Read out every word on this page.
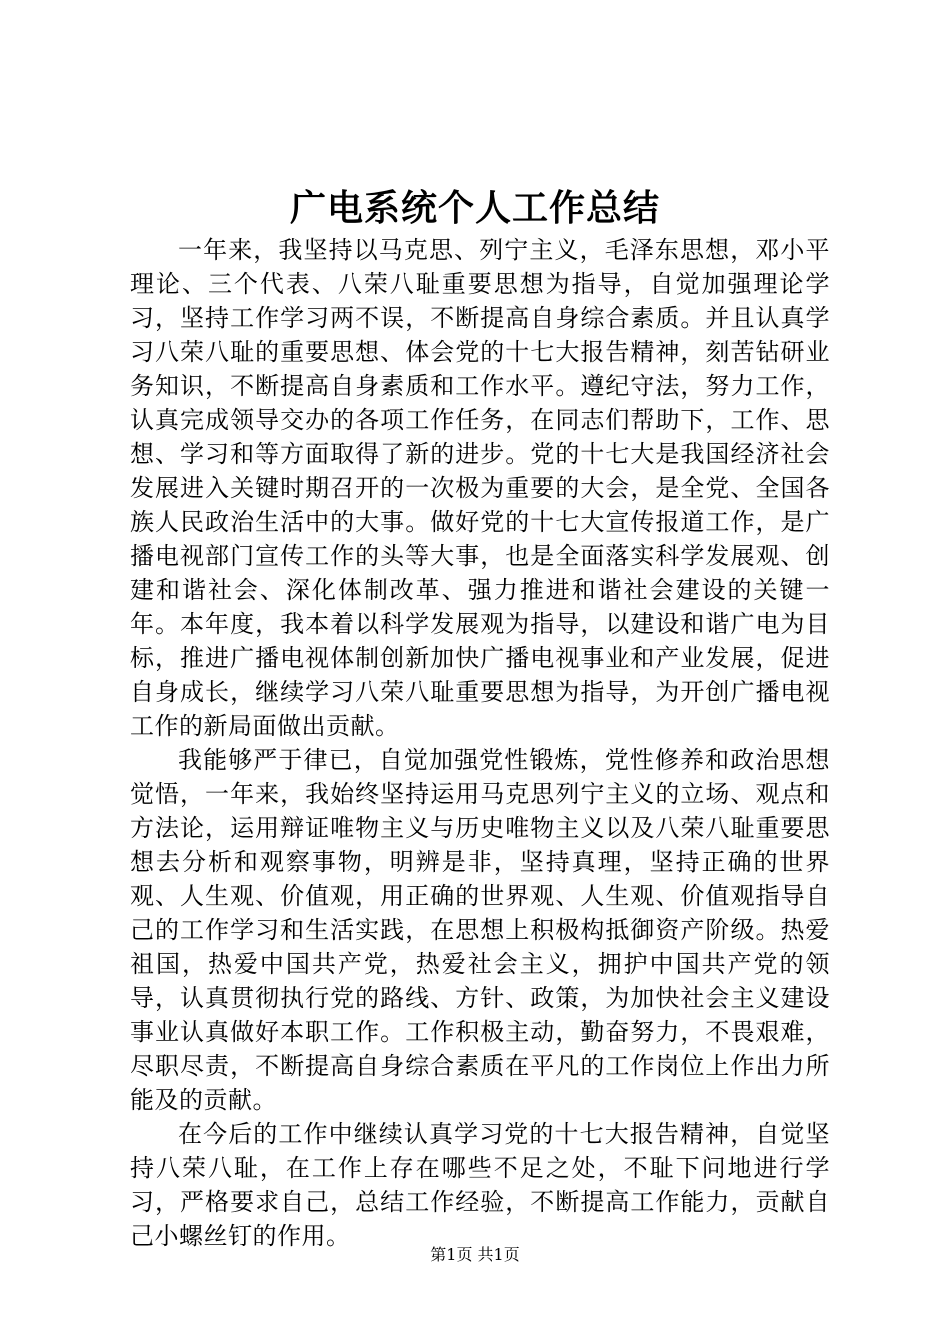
广电系统个人工作总结

一年来，我坚持以马克思、列宁主义，毛泽东思想，邓小平理论、三个代表、八荣八耻重要思想为指导，自觉加强理论学习，坚持工作学习两不误，不断提高自身综合素质。并且认真学习八荣八耻的重要思想、体会党的十七大报告精神，刻苦钻研业务知识，不断提高自身素质和工作水平。遵纪守法，努力工作，认真完成领导交办的各项工作任务，在同志们帮助下，工作、思想、学习和等方面取得了新的进步。党的十七大是我国经济社会发展进入关键时期召开的一次极为重要的大会，是全党、全国各族人民政治生活中的大事。做好党的十七大宣传报道工作，是广播电视部门宣传工作的头等大事，也是全面落实科学发展观、创建和谐社会、深化体制改革、强力推进和谐社会建设的关键一年。本年度，我本着以科学发展观为指导，以建设和谐广电为目标，推进广播电视体制创新加快广播电视事业和产业发展，促进自身成长，继续学习八荣八耻重要思想为指导，为开创广播电视工作的新局面做出贡献。

我能够严于律已，自觉加强党性锻炼，党性修养和政治思想觉悟，一年来，我始终坚持运用马克思列宁主义的立场、观点和方法论，运用辩证唯物主义与历史唯物主义以及八荣八耻重要思想去分析和观察事物，明辨是非，坚持真理，坚持正确的世界观、人生观、价值观，用正确的世界观、人生观、价值观指导自己的工作学习和生活实践，在思想上积极构抵御资产阶级。热爱祖国，热爱中国共产党，热爱社会主义，拥护中国共产党的领导，认真贯彻执行党的路线、方针、政策，为加快社会主义建设事业认真做好本职工作。工作积极主动，勤奋努力，不畏艰难，尽职尽责，不断提高自身综合素质在平凡的工作岗位上作出力所能及的贡献。

在今后的工作中继续认真学习党的十七大报告精神，自觉坚持八荣八耻，在工作上存在哪些不足之处，不耻下问地进行学习，严格要求自己，总结工作经验，不断提高工作能力，贡献自己小螺丝钉的作用。

第1页 共1页
